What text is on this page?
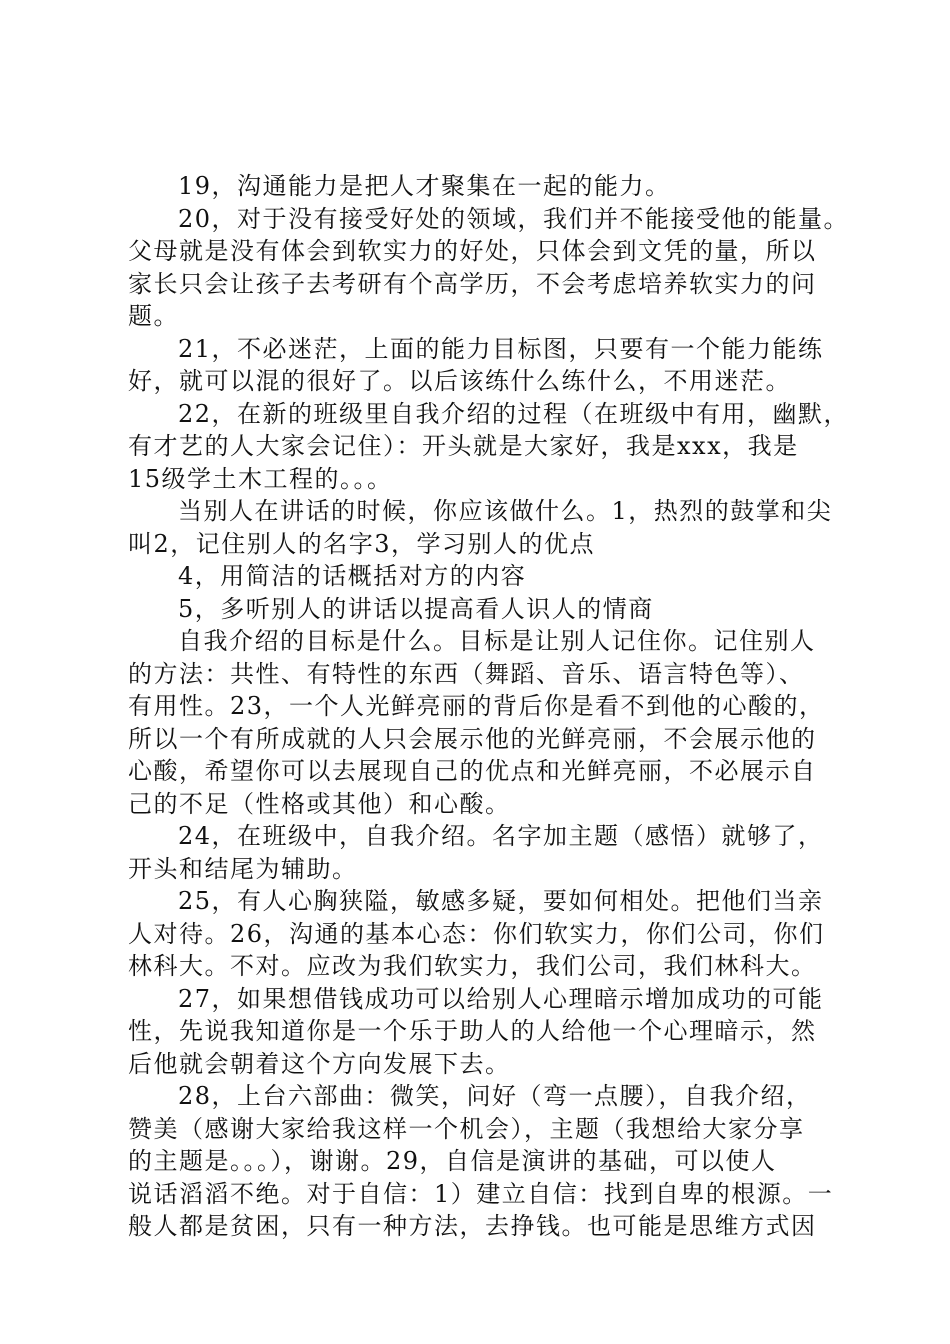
19，沟通能力是把人才聚集在一起的能力。
20，对于没有接受好处的领域，我们并不能接受他的能量。
父母就是没有体会到软实力的好处，只体会到文凭的量，所以
家长只会让孩子去考研有个高学历，不会考虑培养软实力的问
题。
21，不必迷茫，上面的能力目标图，只要有一个能力能练
好，就可以混的很好了。以后该练什么练什么，不用迷茫。
22，在新的班级里自我介绍的过程（在班级中有用，幽默，
有才艺的人大家会记住）：开头就是大家好，我是xxx，我是
15级学土木工程的。。。
当别人在讲话的时候，你应该做什么。1，热烈的鼓掌和尖
叫2，记住别人的名字3，学习别人的优点
4，用简洁的话概括对方的内容
5，多听别人的讲话以提高看人识人的情商
自我介绍的目标是什么。目标是让别人记住你。记住别人
的方法：共性、有特性的东西（舞蹈、音乐、语言特色等）、
有用性。23，一个人光鲜亮丽的背后你是看不到他的心酸的，
所以一个有所成就的人只会展示他的光鲜亮丽，不会展示他的
心酸，希望你可以去展现自己的优点和光鲜亮丽，不必展示自
己的不足（性格或其他）和心酸。
24，在班级中，自我介绍。名字加主题（感悟）就够了，
开头和结尾为辅助。
25，有人心胸狭隘，敏感多疑，要如何相处。把他们当亲
人对待。26，沟通的基本心态：你们软实力，你们公司，你们
林科大。不对。应改为我们软实力，我们公司，我们林科大。
27，如果想借钱成功可以给别人心理暗示增加成功的可能
性，先说我知道你是一个乐于助人的人给他一个心理暗示，然
后他就会朝着这个方向发展下去。
28，上台六部曲：微笑，问好（弯一点腰），自我介绍，
赞美（感谢大家给我这样一个机会），主题（我想给大家分享
的主题是。。。），谢谢。29，自信是演讲的基础，可以使人
说话滔滔不绝。对于自信：1）建立自信：找到自卑的根源。一
般人都是贫困，只有一种方法，去挣钱。也可能是思维方式因
